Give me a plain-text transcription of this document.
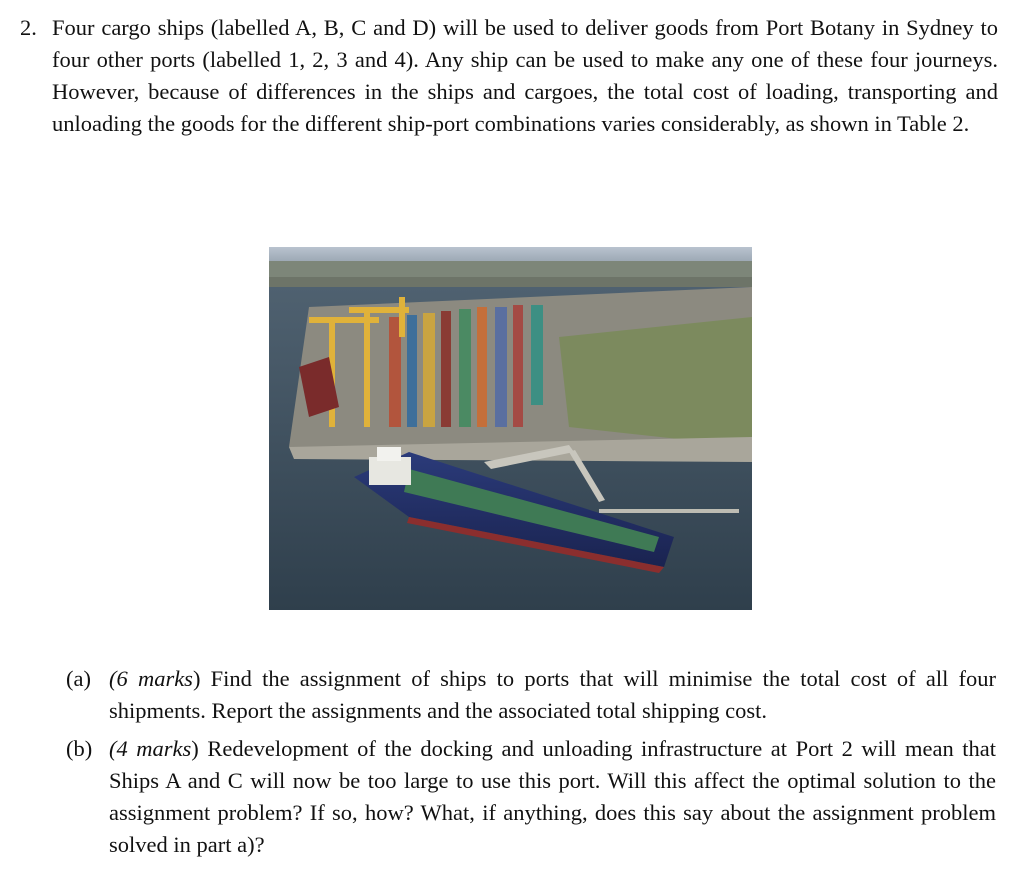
2. Four cargo ships (labelled A, B, C and D) will be used to deliver goods from Port Botany in Sydney to four other ports (labelled 1, 2, 3 and 4). Any ship can be used to make any one of these four journeys. However, because of differences in the ships and cargoes, the total cost of loading, transporting and unloading the goods for the different ship-port combinations varies considerably, as shown in Table 2.
(a) (6 marks) Find the assignment of ships to ports that will minimise the total cost of all four shipments. Report the assignments and the associated total shipping cost.
(b) (4 marks) Redevelopment of the docking and unloading infrastructure at Port 2 will mean that Ships A and C will now be too large to use this port. Will this affect the optimal solution to the assignment problem? If so, how? What, if anything, does this say about the assignment problem solved in part a)?
